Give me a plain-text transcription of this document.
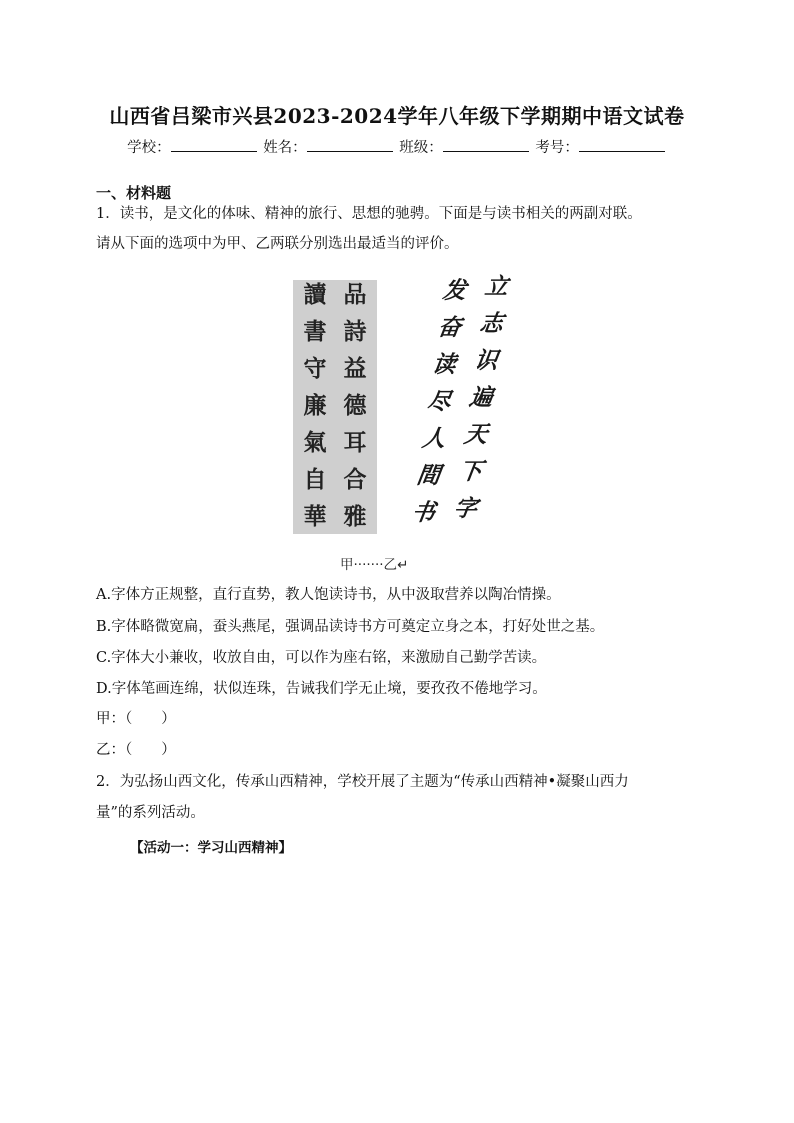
山西省吕梁市兴县2023-2024学年八年级下学期期中语文试卷
学校：	姓名：	班级：	考号：
一、材料题
1．读书，是文化的体味、精神的旅行、思想的驰骋。下面是与读书相关的两副对联。
请从下面的选项中为甲、乙两联分别选出最适当的评价。
讀
書
守
廉
氣
自
華
品
詩
益
德
耳
合
雅
发
奋
读
尽
人
間
书
立
志
识
遍
天
下
字
甲·······乙↵
A.字体方正规整，直行直势，教人饱读诗书，从中汲取营养以陶冶情操。
B.字体略微宽扁，蚕头燕尾，强调品读诗书方可奠定立身之本，打好处世之基。
C.字体大小兼收，收放自由，可以作为座右铭，来激励自己勤学苦读。
D.字体笔画连绵，状似连珠，告诫我们学无止境，要孜孜不倦地学习。
甲：（　　）
乙：（　　）
2．为弘扬山西文化，传承山西精神，学校开展了主题为“传承山西精神•凝聚山西力
量”的系列活动。
【活动一：学习山西精神】
